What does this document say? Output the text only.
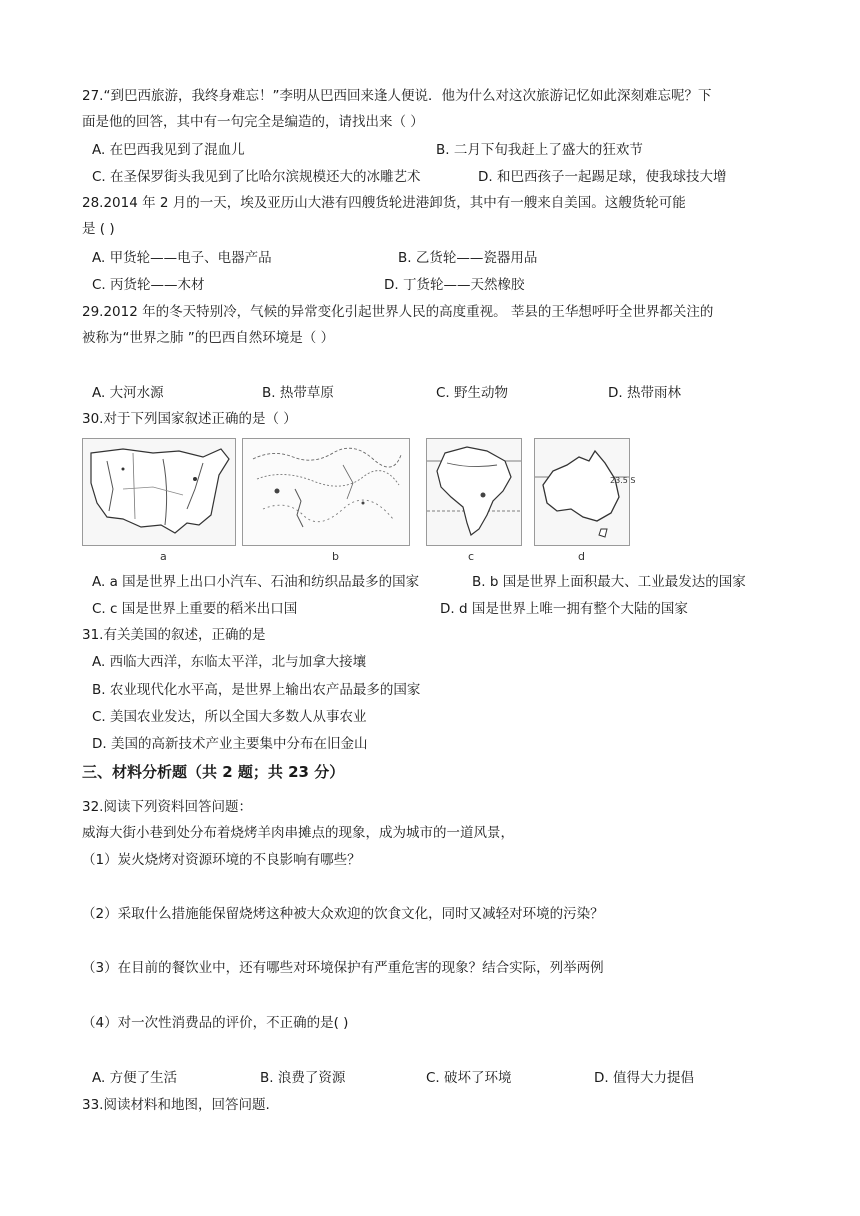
27.“到巴西旅游，我终身难忘！”李明从巴西回来逢人便说．他为什么对这次旅游记忆如此深刻难忘呢？下
面是他的回答，其中有一句完全是编造的，请找出来（ ）
A. 在巴西我见到了混血儿	B. 二月下旬我赶上了盛大的狂欢节
C. 在圣保罗街头我见到了比哈尔滨规模还大的冰雕艺术	D. 和巴西孩子一起踢足球，使我球技大增
28.2014 年 2 月的一天，埃及亚历山大港有四艘货轮进港卸货，其中有一艘来自美国。这艘货轮可能
是 ( )
A. 甲货轮——电子、电器产品	B. 乙货轮——瓷器用品
C. 丙货轮——木材	D. 丁货轮——天然橡胶
29.2012 年的冬天特别冷，气候的异常变化引起世界人民的高度重视。 莘县的王华想呼吁全世界都关注的
被称为“世界之肺 ”的巴西自然环境是（ ）
A. 大河水源	B. 热带草原	C. 野生动物	D. 热带雨林
30.对于下列国家叙述正确的是（ ）
a	b	c	d
23.5 S
A. a 国是世界上出口小汽车、石油和纺织品最多的国家	B. b 国是世界上面积最大、工业最发达的国家
C. c 国是世界上重要的稻米出口国	D. d 国是世界上唯一拥有整个大陆的国家
31.有关美国的叙述，正确的是
A. 西临大西洋，东临太平洋，北与加拿大接壤
B. 农业现代化水平高，是世界上输出农产品最多的国家
C. 美国农业发达，所以全国大多数人从事农业
D. 美国的高新技术产业主要集中分布在旧金山
三、材料分析题（共 2 题；共 23 分）
32.阅读下列资料回答问题：
威海大街小巷到处分布着烧烤羊肉串摊点的现象，成为城市的一道风景，
（1）炭火烧烤对资源环境的不良影响有哪些？
（2）采取什么措施能保留烧烤这种被大众欢迎的饮食文化，同时又减轻对环境的污染？
（3）在目前的餐饮业中，还有哪些对环境保护有严重危害的现象？结合实际，列举两例
（4）对一次性消费品的评价，不正确的是( )
A. 方便了生活	B. 浪费了资源	C. 破坏了环境	D. 值得大力提倡
33.阅读材料和地图，回答问题.
